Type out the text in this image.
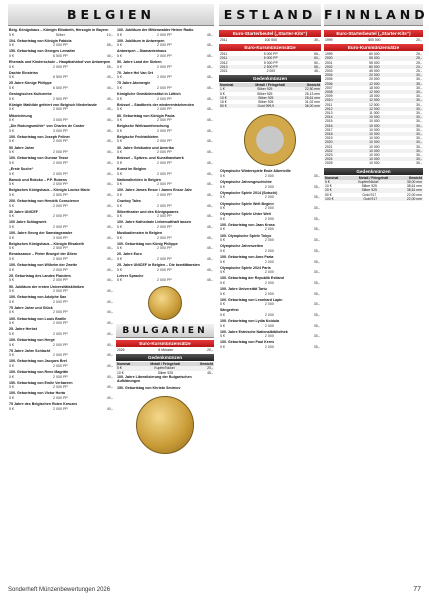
BELGIEN	ESTLAND FINNLAND
Belg. Königshaus – Königin Elisabeth, Herzogin in Bayern
5 €	Silber	10,-
104. Geburtstag von Königin Fabiola
5 €	2 000 PP	55,-
150. Geburtstag von Georges Lemaître
5 €	6 500 PP	40,-
Ehemals und Kinderschule – Hauptbahnhof von Antwerpen
5 €	2 000 PP	55,-
Dachte Einsteins
5 €	6 500 PP	40,-
25 Jahre Könige Philippe
5 €	6 500 PP	40,-
Geologisches Kulturerbe
5 €	2 500 PP	40,-
Königin Mathilde gefeiert von Belgisch Niederlande
5 €	2 500 PP	40,-
Mitzeichnung
5 €	3 000 PP	40,-
„Die Rodungsmühle“ von Charles de Coster
5 €	3 000 PP	40,-
100. Geburtstag von Joseph Feliner
5 €	2 000 PP	40,-
50 Jahre Jahre
5 €	2 000 PP	40,-
100. Geburtstag von Gunnar Tesse
5 €	2 000 PP	40,-
„Erste Suche“
5 €	2 000 PP	40,-
Barock und Rokoko – P.P. Rubens
5 €	2 000 PP	40,-
Belgisches Königshaus – Königin Louise Marie
5 €	2 500 PP	40,-
200. Geburtstag von Hendrik Conscience
5 €	2 000 PP	40,-
30 Jahre UNICEF
5 €	2 000 PP	40,-
100 Jahre Schlagwerk
5 €	2 000 PP	40,-
100. Jahre Georg der Samstagsmaler
5 €	3 000 PP	40,-
Belgisches Königshaus – Königin Elisabeth
5 €	2 500 PP	40,-
Renaissance – Pieter Bruegel der Ältere
5 €	2 500 PP	40,-
100. Geburtstag von Wilhelm der Zweite
5 €	2 000 PP	40,-
25. Geburtstag des Landes Flanders
5 €	2 000 PP	40,-
50. Jubiläum der ersten Universitätskliniken
5 €	2 000 PP	40,-
100. Geburtstag von Adolphe Sax
5 €	2 000 PP	40,-
75 Jahre Jahre und Glück
5 €	2 000 PP	40,-
100. Geburtstag von Louis Braille
5 €	2 000 PP	40,-
25. Jahre Herbst
5 €	2 000 PP	40,-
100. Geburtstag von Hergé
5 €	2 000 PP	40,-
75 Jahre Jahre Schlacht
5 €	2 000 PP	40,-
100. Geburtstag von Jacques Brel
5 €	2 000 PP	40,-
100. Geburtstag von Rene Magritte
5 €	2 000 PP	40,-
150. Geburtstag von Emile Verhaeren
5 €	2 000 PP	40,-
100. Geburtstag von Victor Horta
5 €	2 000 PP	40,-
75 Jahre des Belgischen Roten Kreuzes
5 €	2 000 PP	40,-
100. Jubiläum der Mittenwalder Heiner Radio
5 €	2 000 PP	45,-
100. Jubiläum in Antwerpen
5 €	2 000 PP	45,-
Antwerpen – Diamantenhaus
5 €	2 000 PP	45,-
50. Jahre Land der Sieben
5 €	2 000 PP	45,-
70. Jahre Hel Van Ort
5 €	2 000 PP	45,-
75 Jahre Atomergie
5 €	2 000 PP	45,-
Königliche Gemäldeinstitut in Lüttich
5 €	2 000 PP	45,-
Brüssel – Stadtkreis der wiederentstehenden
5 €	2 000 PP	45,-
80. Geburtstag von Königin Paola
5 €	2 000 PP	45,-
Belgische Weltraumforschung
5 €	2 000 PP	45,-
Belgische Fechtathleten
5 €	2 000 PP	45,-
30. Jahre Gebäuden und Amerika
5 €	2 000 PP	45,-
Brüssel – Spitzen- und Kunsthandwerk
5 €	2 000 PP	45,-
Kunst im Belgien
5 €	2 000 PP	45,-
Nationalhelden in Belgien
5 €	2 000 PP	45,-
100. Jahre James Ensor / James Ensor Jahr
5 €	2 000 PP	45,-
Cowboy Tales
5 €	2 000 PP	45,-
Silbertheater und des Königspaares
5 €	2 000 PP	45,-
100. Jahre Kathedrale Liebemutthaft lassen
5 €	2 000 PP	45,-
Musikadiensten in Belgien
5 €	2 000 PP	45,-
100. Geburtstag von König Philippe
5 €	2 000 PP	45,-
20. Jahre Euro
5 €	2 000 PP	45,-
25. Jahre UNICEF in Belgien – Die bewältbarsten
5 €	2 000 PP	45,-
Lehrer Sprache
5 €	2 000 PP	45,-
BULGARIEN
Euro-Kursmünzensätze
2026	8 Münzen	20,-
Gedenkmünzen
Nominal	Metall / Feingehalt	Gewicht
5 €	Kupfer/Nickel	20,-
10 €	Silber 925	45,-
100. Jahre Liberalisierung der Bulgarischen Aufklärungen
150. Geburtstag von Khristo Smirnov
Euro-Starterbeutel („Starter-Kits“)
2011	100 000	30,-
Euro-Kursmünzensätze
2011	5 000 PP	65,-
2011	5 000 PP	60,-
2012	5 000 PP	50,-
2013	2 500 PP	55,-
2021	2 000	45,-
Gedenkmünzen
Nominal	Metall / Feingehalt	Gewicht
1 €	Silber 925	22,50 mm
5 €	Silber 925	25,13 mm
10 €	Silber 925	28,61 mm
15 €	Silber 925	31,02 mm
50 €	Gold 999,9	36,00 mm
Olympische Winterspiele Ende Albertville
5 €	2 000	35,-
Olympische Jahresgeschichte
5 €	2 000	35,-
Olympische Spiele 2014 (Sotschi)
5 €	2 000	35,-
Olympische Spiele Welt Beginn
5 €	2 000	35,-
Olympische Spiele Unter Welt
5 €	2 000	35,-
100. Geburtstag von Jaan Kross
5 €	2 000	35,-
100. Olympische Spiele Tokyo
5 €	2 000	35,-
Olympische Jahreszeiten
5 €	2 000	35,-
100. Geburtstag von Amo Parta
5 €	2 000	35,-
Olympische Spiele 2024 Paris
5 €	2 000	35,-
100. Geburtstag der Republik Estland
5 €	2 000	35,-
100. Jahre Universität Tartu
5 €	2 000	35,-
100. Geburtstag von Leonhard Lapin
5 €	2 000	35,-
Sängerfest
5 €	2 000	35,-
100. Geburtstag von Lydia Koidula
5 €	2 000	35,-
100. Jahre Estnische Nationalbibliothek
5 €	2 000	35,-
100. Geburtstag von Paul Keres
5 €	2 000	35,-
Euro-Starterbeutel („Starter-Kits“)
1999	500 000	20,-
Euro-Kursmünzensätze
1999	60 000	25,-
2000	55 000	25,-
2001	55 000	25,-
2002	80 000	20,-
2003	45 000	25,-
2004	20 000	30,-
2005	20 000	30,-
2006	12 000	35,-
2007	18 000	30,-
2008	12 000	30,-
2009	15 000	30,-
2010	12 000	30,-
2011	12 000	30,-
2012	12 000	30,-
2013	11 000	30,-
2014	10 000	30,-
2015	10 000	30,-
2016	10 000	30,-
2017	10 000	30,-
2018	10 000	30,-
2019	10 000	30,-
2020	10 000	30,-
2021	10 000	30,-
2022	10 000	30,-
2023	10 000	30,-
2024	10 000	30,-
2025	10 000	30,-
Gedenkmünzen
Nominal	Metall / Feingehalt	Gewicht
5 €	Kupfer/Nickel	35,00 mm
10 €	Silber 925	38,61 mm
20 €	Silber 925	38,61 mm
50 €	Gold 917	22,00 mm
100 €	Gold 917	22,00 mm
Sonderheft Münzenbewertungen 2026	77
